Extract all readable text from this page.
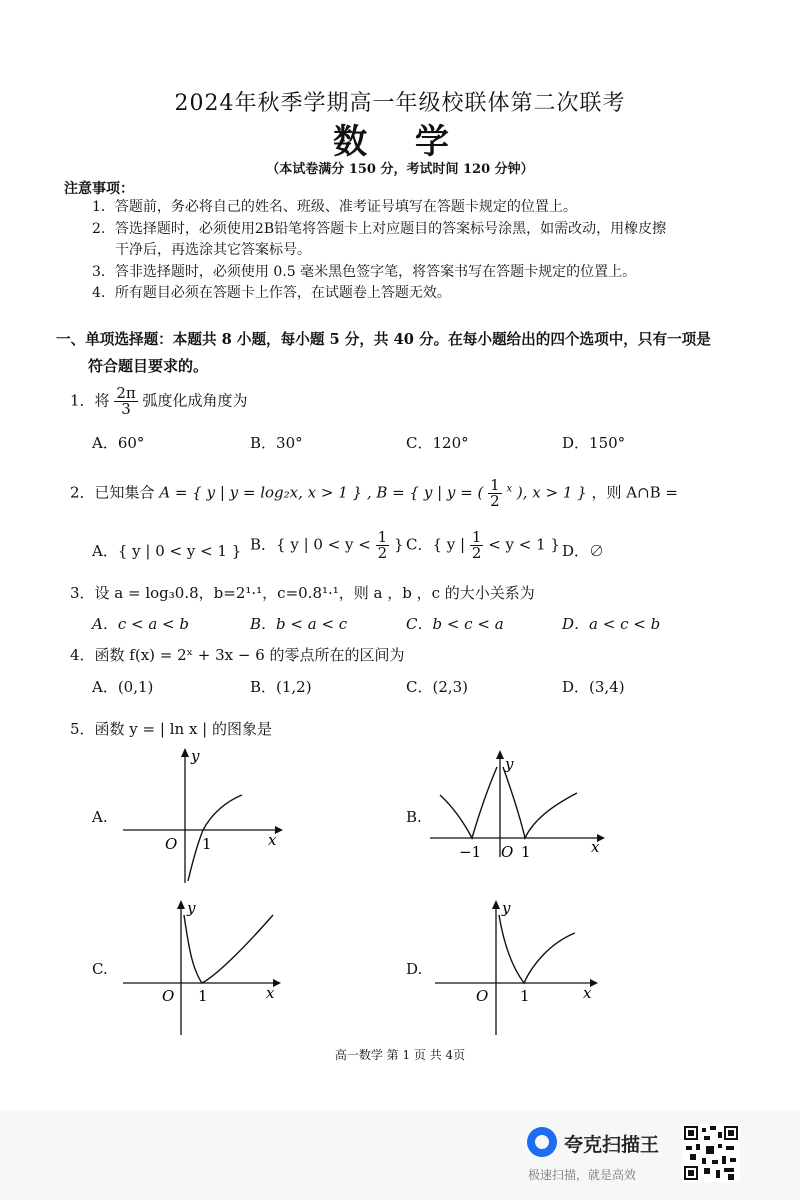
2024年秋季学期高一年级校联体第二次联考
数 学
（本试卷满分 150 分，考试时间 120 分钟）
注意事项：
1．答题前，务必将自己的姓名、班级、准考证号填写在答题卡规定的位置上。
2．答选择题时，必须使用2B铅笔将答题卡上对应题目的答案标号涂黑，如需改动，用橡皮擦
干净后，再选涂其它答案标号。
3．答非选择题时，必须使用 0.5 毫米黑色签字笔，将答案书写在答题卡规定的位置上。
4．所有题目必须在答题卡上作答，在试题卷上答题无效。
一、单项选择题：本题共 8 小题，每小题 5 分，共 40 分。在每小题给出的四个选项中，只有一项是
符合题目要求的。
1．将 $\frac{2\pi}{3}$ 弧度化成角度为
A．60°	B．30°	C．120°	D．150°
2．已知集合 A = { y | y = log₂x, x > 1 } , B = { y | y = ( $\frac{1}{2} ^x$ ), x > 1 } ，则 A∩B =
A．{ y | 0 < y < 1 } B．{ y | $0 < y < \frac{1}{2}$ } C．{ y | $\frac{1}{2} < y < 1$ } D．∅
3．设 a = log₃0.8，b=2¹·¹，c=0.8¹·¹，则 a ，b ，c 的大小关系为
A．c < a < b	B．b < a < c	C．b < c < a	D．a < c < b
4．函数 f(x) = 2ˣ + 3x − 6 的零点所在的区间为
A．(0,1)	B．(1,2)	C．(2,3)	D．(3,4)
5．函数 y = | ln x | 的图象是
A.
y
x
O 1
B.
y
x
−1 O 1
C.
y
x
O 1
D.
y
x
O 1
高一数学 第 1 页 共 4页
夸克扫描王
极速扫描，就是高效
